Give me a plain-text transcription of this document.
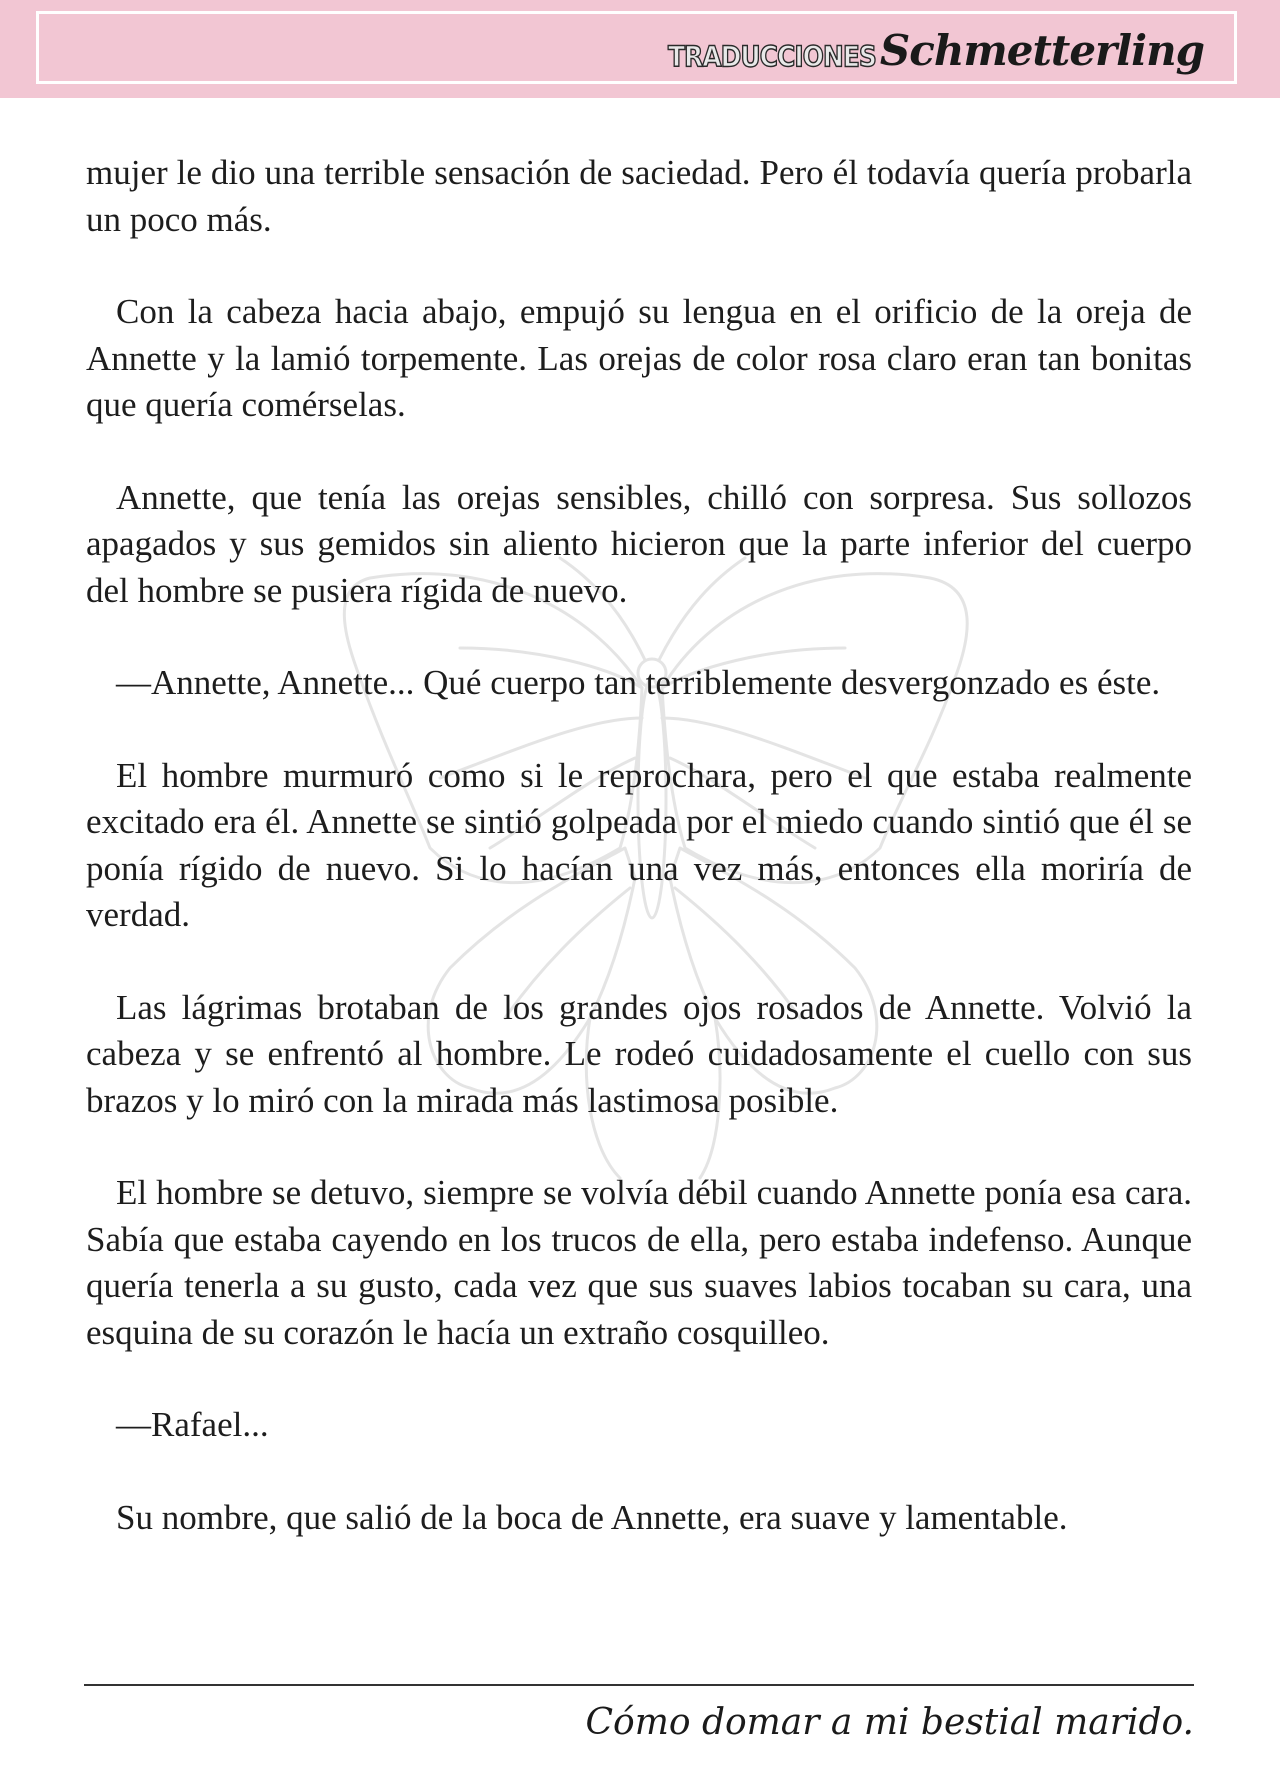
TRADUCCIONES Schmetterling

mujer le dio una terrible sensación de saciedad. Pero él todavía quería probarla un poco más.

Con la cabeza hacia abajo, empujó su lengua en el orificio de la oreja de Annette y la lamió torpemente. Las orejas de color rosa claro eran tan bonitas que quería comérselas.

Annette, que tenía las orejas sensibles, chilló con sorpresa. Sus sollozos apagados y sus gemidos sin aliento hicieron que la parte inferior del cuerpo del hombre se pusiera rígida de nuevo.

—Annette, Annette... Qué cuerpo tan terriblemente desvergonzado es éste.

El hombre murmuró como si le reprochara, pero el que estaba realmente excitado era él. Annette se sintió golpeada por el miedo cuando sintió que él se ponía rígido de nuevo. Si lo hacían una vez más, entonces ella moriría de verdad.

Las lágrimas brotaban de los grandes ojos rosados de Annette. Volvió la cabeza y se enfrentó al hombre. Le rodeó cuidadosamente el cuello con sus brazos y lo miró con la mirada más lastimosa posible.

El hombre se detuvo, siempre se volvía débil cuando Annette ponía esa cara. Sabía que estaba cayendo en los trucos de ella, pero estaba indefenso. Aunque quería tenerla a su gusto, cada vez que sus suaves labios tocaban su cara, una esquina de su corazón le hacía un extraño cosquilleo.

—Rafael...

Su nombre, que salió de la boca de Annette, era suave y lamentable.

Cómo domar a mi bestial marido.
